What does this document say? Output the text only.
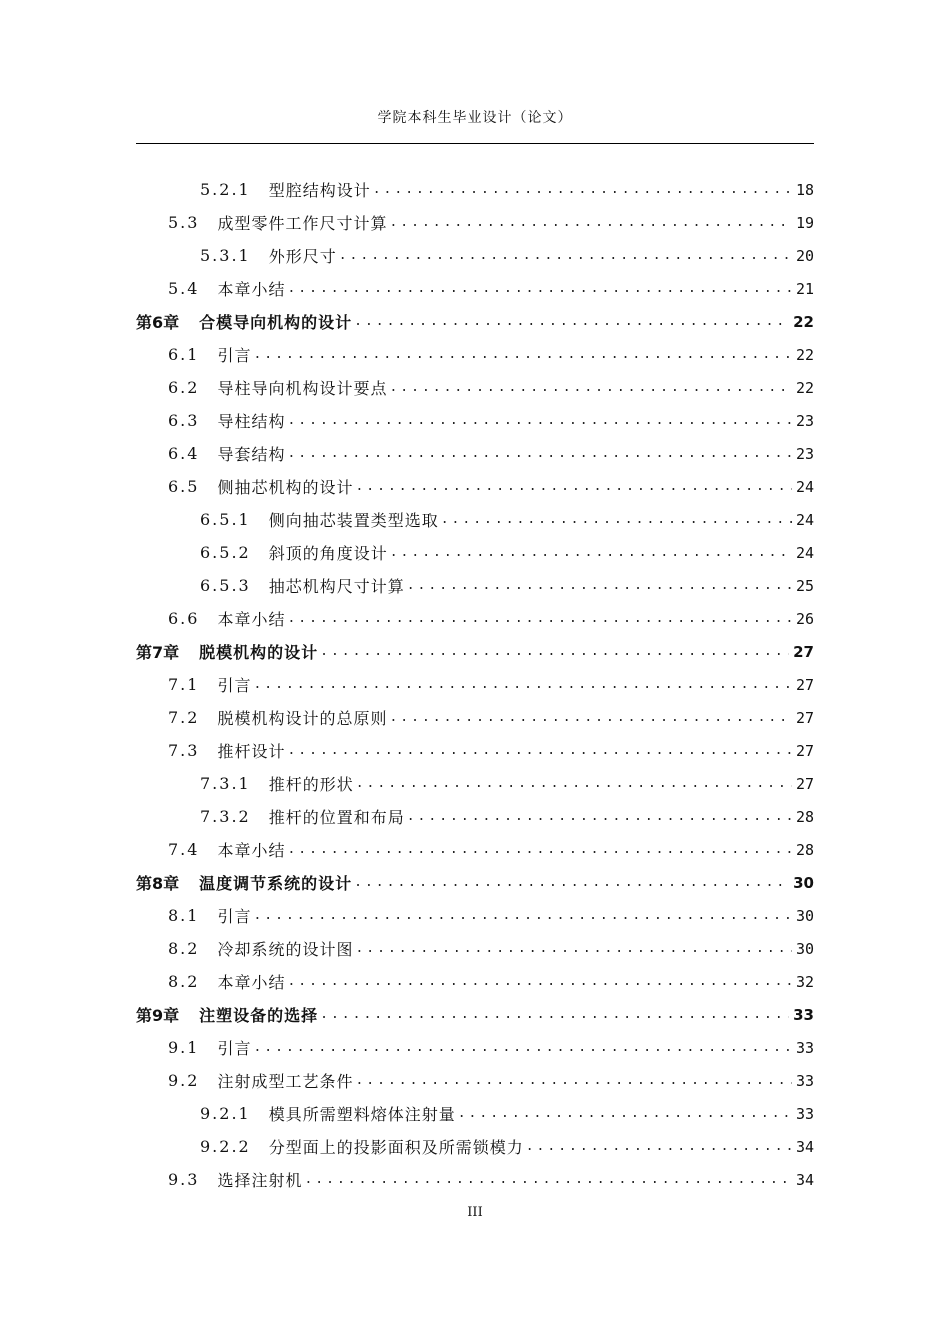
学院本科生毕业设计（论文）
5.2.1 型腔结构设计 .....	18
5.3 成型零件工作尺寸计算 .....	19
5.3.1 外形尺寸 .....	20
5.4 本章小结 .....	21
第6章 合模导向机构的设计 .....	22
6.1 引言 .....	22
6.2 导柱导向机构设计要点 .....	22
6.3 导柱结构 .....	23
6.4 导套结构 .....	23
6.5 侧抽芯机构的设计 .....	24
6.5.1 侧向抽芯装置类型选取 .....	24
6.5.2 斜顶的角度设计 .....	24
6.5.3 抽芯机构尺寸计算 .....	25
6.6 本章小结 .....	26
第7章 脱模机构的设计 .....	27
7.1 引言 .....	27
7.2 脱模机构设计的总原则 .....	27
7.3 推杆设计 .....	27
7.3.1 推杆的形状 .....	27
7.3.2 推杆的位置和布局 .....	28
7.4 本章小结 .....	28
第8章 温度调节系统的设计 .....	30
8.1 引言 .....	30
8.2 冷却系统的设计图 .....	30
8.2 本章小结 .....	32
第9章 注塑设备的选择 .....	33
9.1 引言 .....	33
9.2 注射成型工艺条件 .....	33
9.2.1 模具所需塑料熔体注射量 .....	33
9.2.2 分型面上的投影面积及所需锁模力 .....	34
9.3 选择注射机 .....	34
III
